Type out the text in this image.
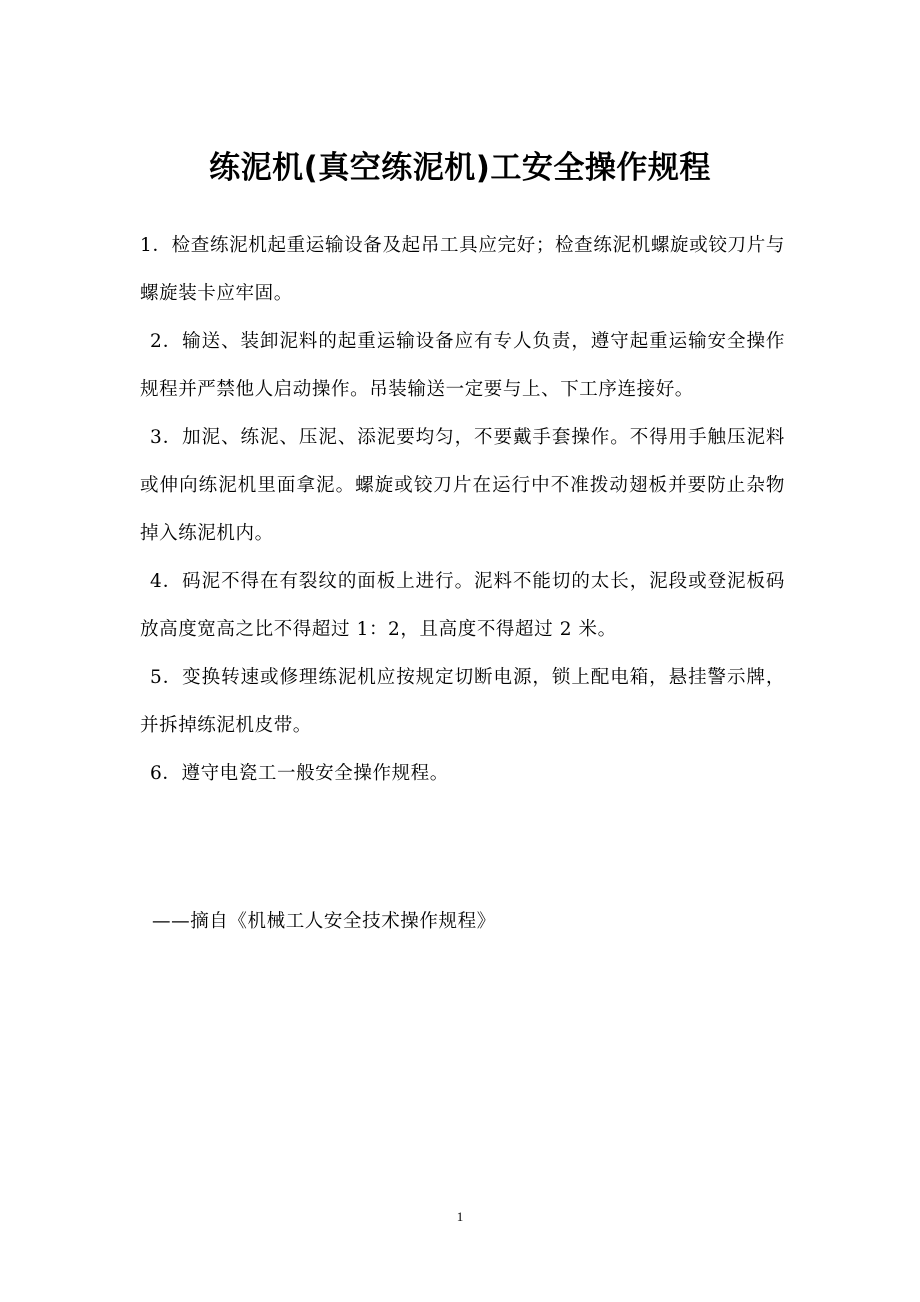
练泥机(真空练泥机)工安全操作规程

1．检查练泥机起重运输设备及起吊工具应完好；检查练泥机螺旋或铰刀片与螺旋装卡应牢固。

2．输送、装卸泥料的起重运输设备应有专人负责，遵守起重运输安全操作规程并严禁他人启动操作。吊装输送一定要与上、下工序连接好。

3．加泥、练泥、压泥、添泥要均匀，不要戴手套操作。不得用手触压泥料或伸向练泥机里面拿泥。螺旋或铰刀片在运行中不准拨动翅板并要防止杂物掉入练泥机内。

4．码泥不得在有裂纹的面板上进行。泥料不能切的太长，泥段或登泥板码放高度宽高之比不得超过 1：2，且高度不得超过 2 米。

5．变换转速或修理练泥机应按规定切断电源，锁上配电箱，悬挂警示牌，并拆掉练泥机皮带。

6．遵守电瓷工一般安全操作规程。

——摘自《机械工人安全技术操作规程》

1
